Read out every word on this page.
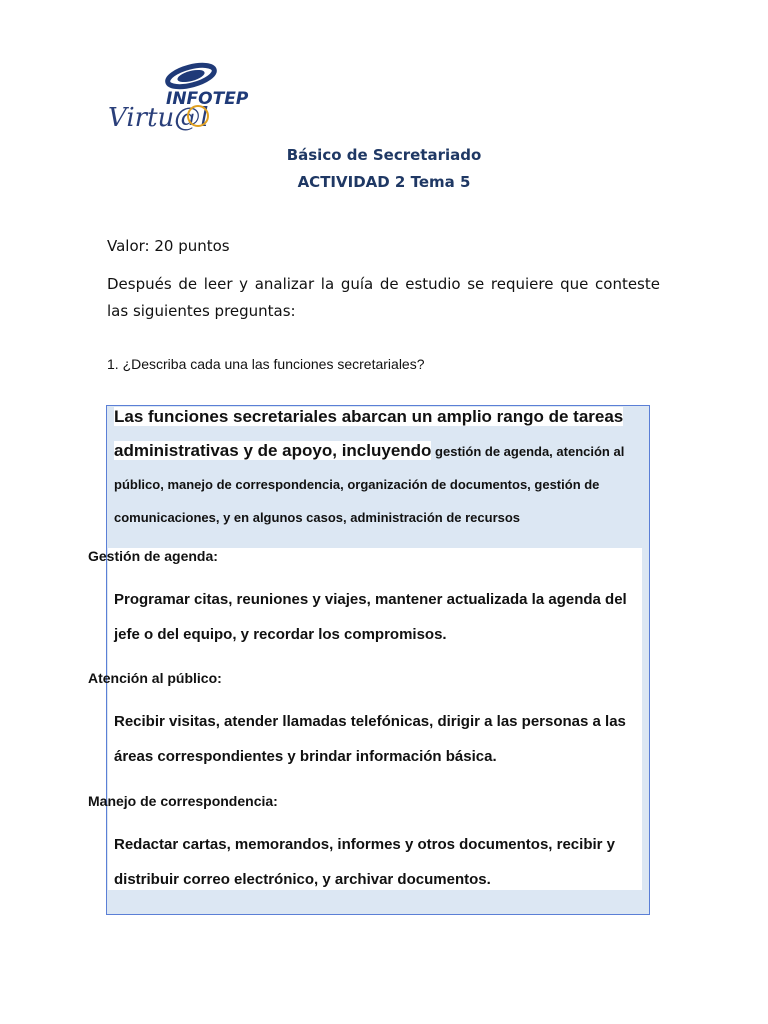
INFOTEP
Virtu@l
Básico de Secretariado
ACTIVIDAD 2 Tema 5
Valor: 20 puntos
Después de leer y analizar la guía de estudio se requiere que conteste las siguientes preguntas:
1. ¿Describa cada una las funciones secretariales?
Las funciones secretariales abarcan un amplio rango de tareas administrativas y de apoyo, incluyendo gestión de agenda, atención al público, manejo de correspondencia, organización de documentos, gestión de comunicaciones, y en algunos casos, administración de recursos
Gestión de agenda:
Programar citas, reuniones y viajes, mantener actualizada la agenda del jefe o del equipo, y recordar los compromisos.
Atención al público:
Recibir visitas, atender llamadas telefónicas, dirigir a las personas a las áreas correspondientes y brindar información básica.
Manejo de correspondencia:
Redactar cartas, memorandos, informes y otros documentos, recibir y distribuir correo electrónico, y archivar documentos.
